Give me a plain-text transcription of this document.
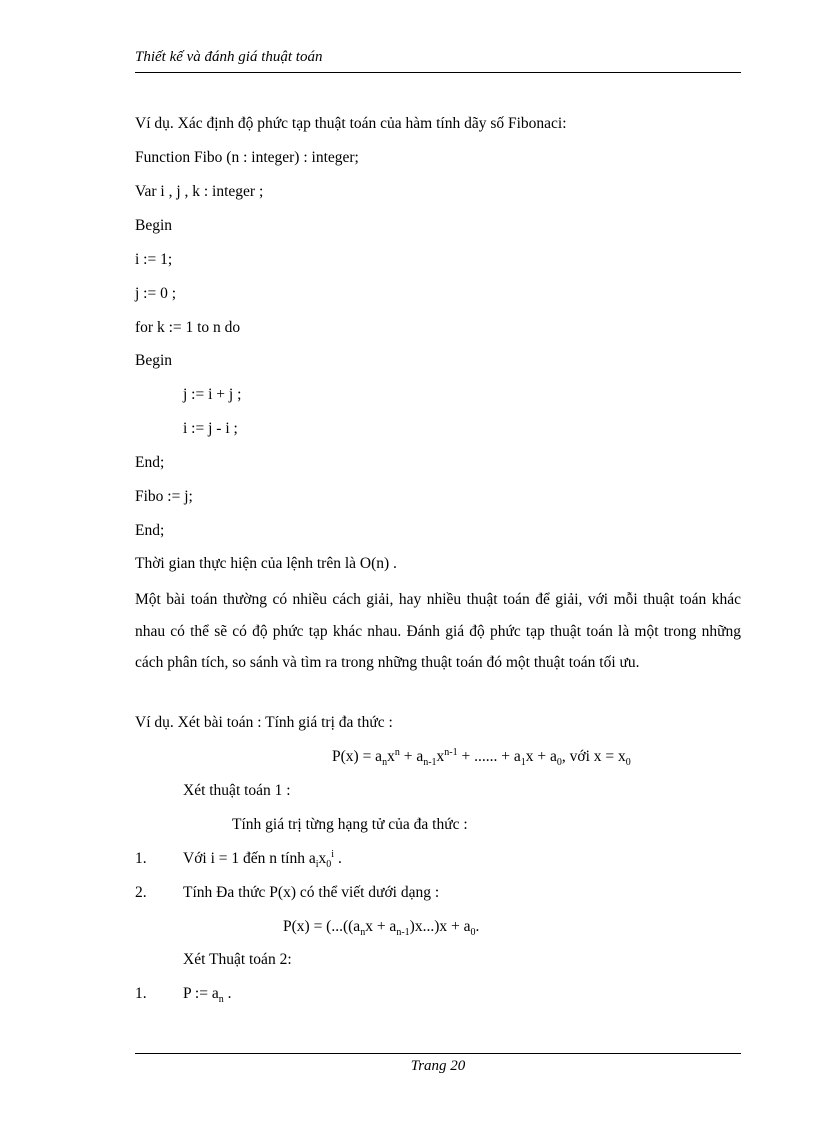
Thiết kế và đánh giá thuật toán
Ví dụ. Xác định độ phức tạp thuật toán của hàm tính dãy số Fibonaci:
Function Fibo (n : integer) : integer;
Var i , j , k : integer ;
Begin
i := 1;
j := 0 ;
for k := 1 to n do
Begin
j := i + j ;
i := j - i ;
End;
Fibo := j;
End;
Thời gian thực hiện của lệnh trên là O(n) .
Một bài toán thường có nhiều cách giải, hay nhiều thuật toán để giải, với mỗi thuật toán khác nhau có thể sẽ có độ phức tạp khác nhau. Đánh giá độ phức tạp thuật toán là một trong những cách phân tích, so sánh và tìm ra trong những thuật toán đó một thuật toán tối ưu.
Ví dụ. Xét bài toán : Tính giá trị đa thức :
$P(x) = a_nx^n + a_{n-1}x^{n-1}$ + ...... + $a_1x + a_0$, với $x = x_0$
Xét thuật toán 1 :
Tính giá trị từng hạng tử của đa thức :
1. Với i = 1 đến n tính $a_ix_0^i$ .
2. Tính Đa thức P(x) có thể viết dưới dạng :
$P(x) = (...((a_nx + a_{n-1})x...)x + a_0$.
Xét Thuật toán 2:
1. P := $a_n$ .
Trang 20
